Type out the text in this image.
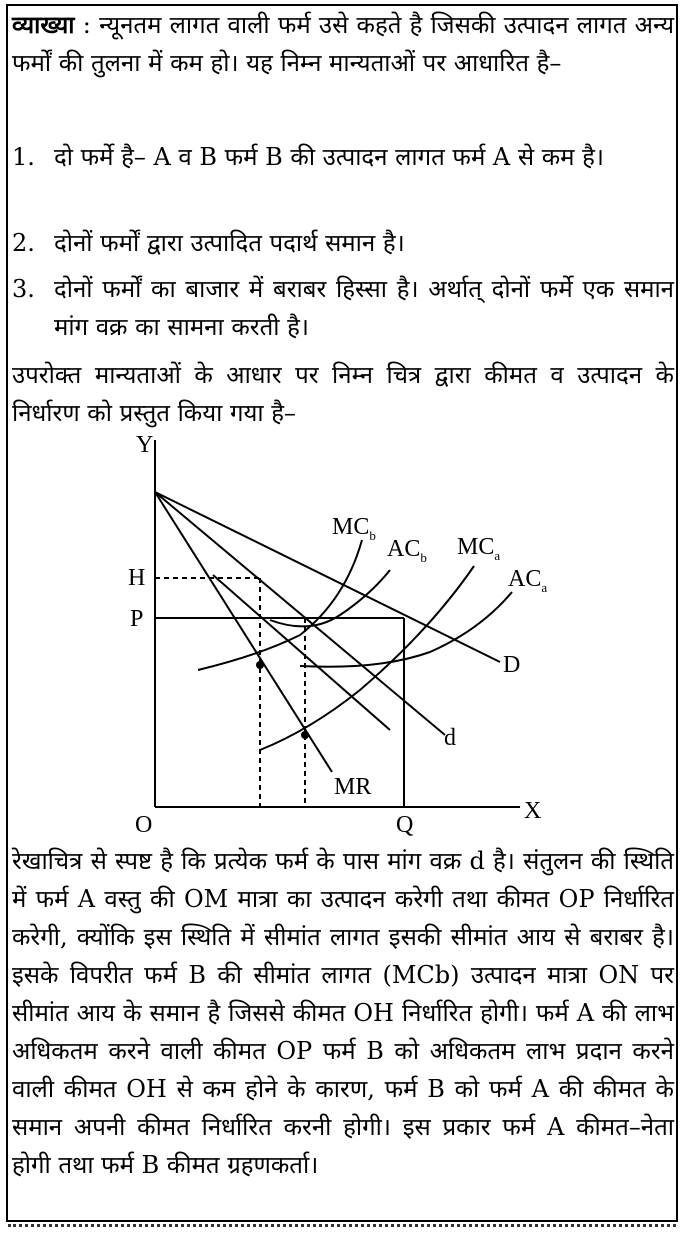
व्याख्या : न्यूनतम लागत वाली फर्म उसे कहते है जिसकी उत्पादन लागत अन्य फर्मों की तुलना में कम हो। यह निम्न मान्यताओं पर आधारित है–
1. दो फर्मे है– A व B फर्म B की उत्पादन लागत फर्म A से कम है।
2. दोनों फर्मों द्वारा उत्पादित पदार्थ समान है।
3. दोनों फर्मों का बाजार में बराबर हिस्सा है। अर्थात् दोनों फर्मे एक समान मांग वक्र का सामना करती है।
उपरोक्त मान्यताओं के आधार पर निम्न चित्र द्वारा कीमत व उत्पादन के निर्धारण को प्रस्तुत किया गया है–
Y
X
O
H
P
Q
$MC_b$
$AC_b$ $MC_a$
$AC_a$
D
d
MR
रेखाचित्र से स्पष्ट है कि प्रत्येक फर्म के पास मांग वक्र d है। संतुलन की स्थिति में फर्म A वस्तु की OM मात्रा का उत्पादन करेगी तथा कीमत OP निर्धारित करेगी, क्योंकि इस स्थिति में सीमांत लागत इसकी सीमांत आय से बराबर है। इसके विपरीत फर्म B की सीमांत लागत (MCb) उत्पादन मात्रा ON पर सीमांत आय के समान है जिससे कीमत OH निर्धारित होगी। फर्म A की लाभ अधिकतम करने वाली कीमत OP फर्म B को अधिकतम लाभ प्रदान करने वाली कीमत OH से कम होने के कारण, फर्म B को फर्म A की कीमत के समान अपनी कीमत निर्धारित करनी होगी। इस प्रकार फर्म A कीमत–नेता होगी तथा फर्म B कीमत ग्रहणकर्ता।
